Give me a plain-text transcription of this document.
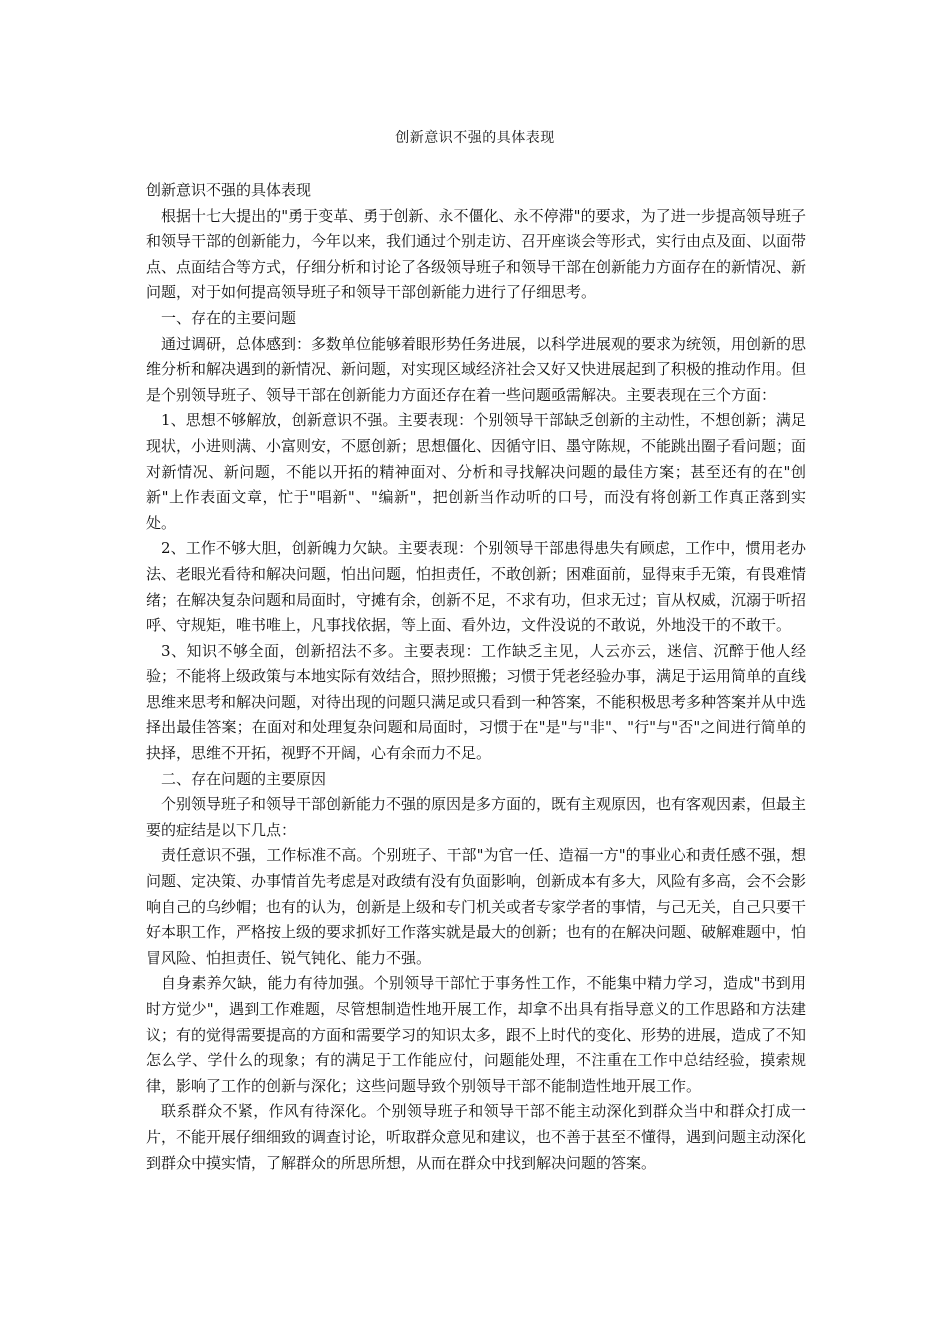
创新意识不强的具体表现

创新意识不强的具体表现

根据十七大提出的"勇于变革、勇于创新、永不僵化、永不停滞"的要求，为了进一步提高领导班子和领导干部的创新能力，今年以来，我们通过个别走访、召开座谈会等形式，实行由点及面、以面带点、点面结合等方式，仔细分析和讨论了各级领导班子和领导干部在创新能力方面存在的新情况、新问题，对于如何提高领导班子和领导干部创新能力进行了仔细思考。

一、存在的主要问题

通过调研，总体感到：多数单位能够着眼形势任务进展，以科学进展观的要求为统领，用创新的思维分析和解决遇到的新情况、新问题，对实现区域经济社会又好又快进展起到了积极的推动作用。但是个别领导班子、领导干部在创新能力方面还存在着一些问题亟需解决。主要表现在三个方面：

1、思想不够解放，创新意识不强。主要表现：个别领导干部缺乏创新的主动性，不想创新；满足现状，小进则满、小富则安，不愿创新；思想僵化、因循守旧、墨守陈规，不能跳出圈子看问题；面对新情况、新问题，不能以开拓的精神面对、分析和寻找解决问题的最佳方案；甚至还有的在"创新"上作表面文章，忙于"唱新"、"编新"，把创新当作动听的口号，而没有将创新工作真正落到实处。

2、工作不够大胆，创新魄力欠缺。主要表现：个别领导干部患得患失有顾虑，工作中，惯用老办法、老眼光看待和解决问题，怕出问题，怕担责任，不敢创新；困难面前，显得束手无策，有畏难情绪；在解决复杂问题和局面时，守摊有余，创新不足，不求有功，但求无过；盲从权威，沉溺于听招呼、守规矩，唯书唯上，凡事找依据，等上面、看外边，文件没说的不敢说，外地没干的不敢干。

3、知识不够全面，创新招法不多。主要表现：工作缺乏主见，人云亦云，迷信、沉醉于他人经验；不能将上级政策与本地实际有效结合，照抄照搬；习惯于凭老经验办事，满足于运用简单的直线思维来思考和解决问题，对待出现的问题只满足或只看到一种答案，不能积极思考多种答案并从中选择出最佳答案；在面对和处理复杂问题和局面时，习惯于在"是"与"非"、"行"与"否"之间进行简单的抉择，思维不开拓，视野不开阔，心有余而力不足。

二、存在问题的主要原因

个别领导班子和领导干部创新能力不强的原因是多方面的，既有主观原因，也有客观因素，但最主要的症结是以下几点：

责任意识不强，工作标准不高。个别班子、干部"为官一任、造福一方"的事业心和责任感不强，想问题、定决策、办事情首先考虑是对政绩有没有负面影响，创新成本有多大，风险有多高，会不会影响自己的乌纱帽；也有的认为，创新是上级和专门机关或者专家学者的事情，与己无关，自己只要干好本职工作，严格按上级的要求抓好工作落实就是最大的创新；也有的在解决问题、破解难题中，怕冒风险、怕担责任、锐气钝化、能力不强。

自身素养欠缺，能力有待加强。个别领导干部忙于事务性工作，不能集中精力学习，造成"书到用时方觉少"，遇到工作难题，尽管想制造性地开展工作，却拿不出具有指导意义的工作思路和方法建议；有的觉得需要提高的方面和需要学习的知识太多，跟不上时代的变化、形势的进展，造成了不知怎么学、学什么的现象；有的满足于工作能应付，问题能处理，不注重在工作中总结经验，摸索规律，影响了工作的创新与深化；这些问题导致个别领导干部不能制造性地开展工作。

联系群众不紧，作风有待深化。个别领导班子和领导干部不能主动深化到群众当中和群众打成一片，不能开展仔细细致的调查讨论，听取群众意见和建议，也不善于甚至不懂得，遇到问题主动深化到群众中摸实情，了解群众的所思所想，从而在群众中找到解决问题的答案。
